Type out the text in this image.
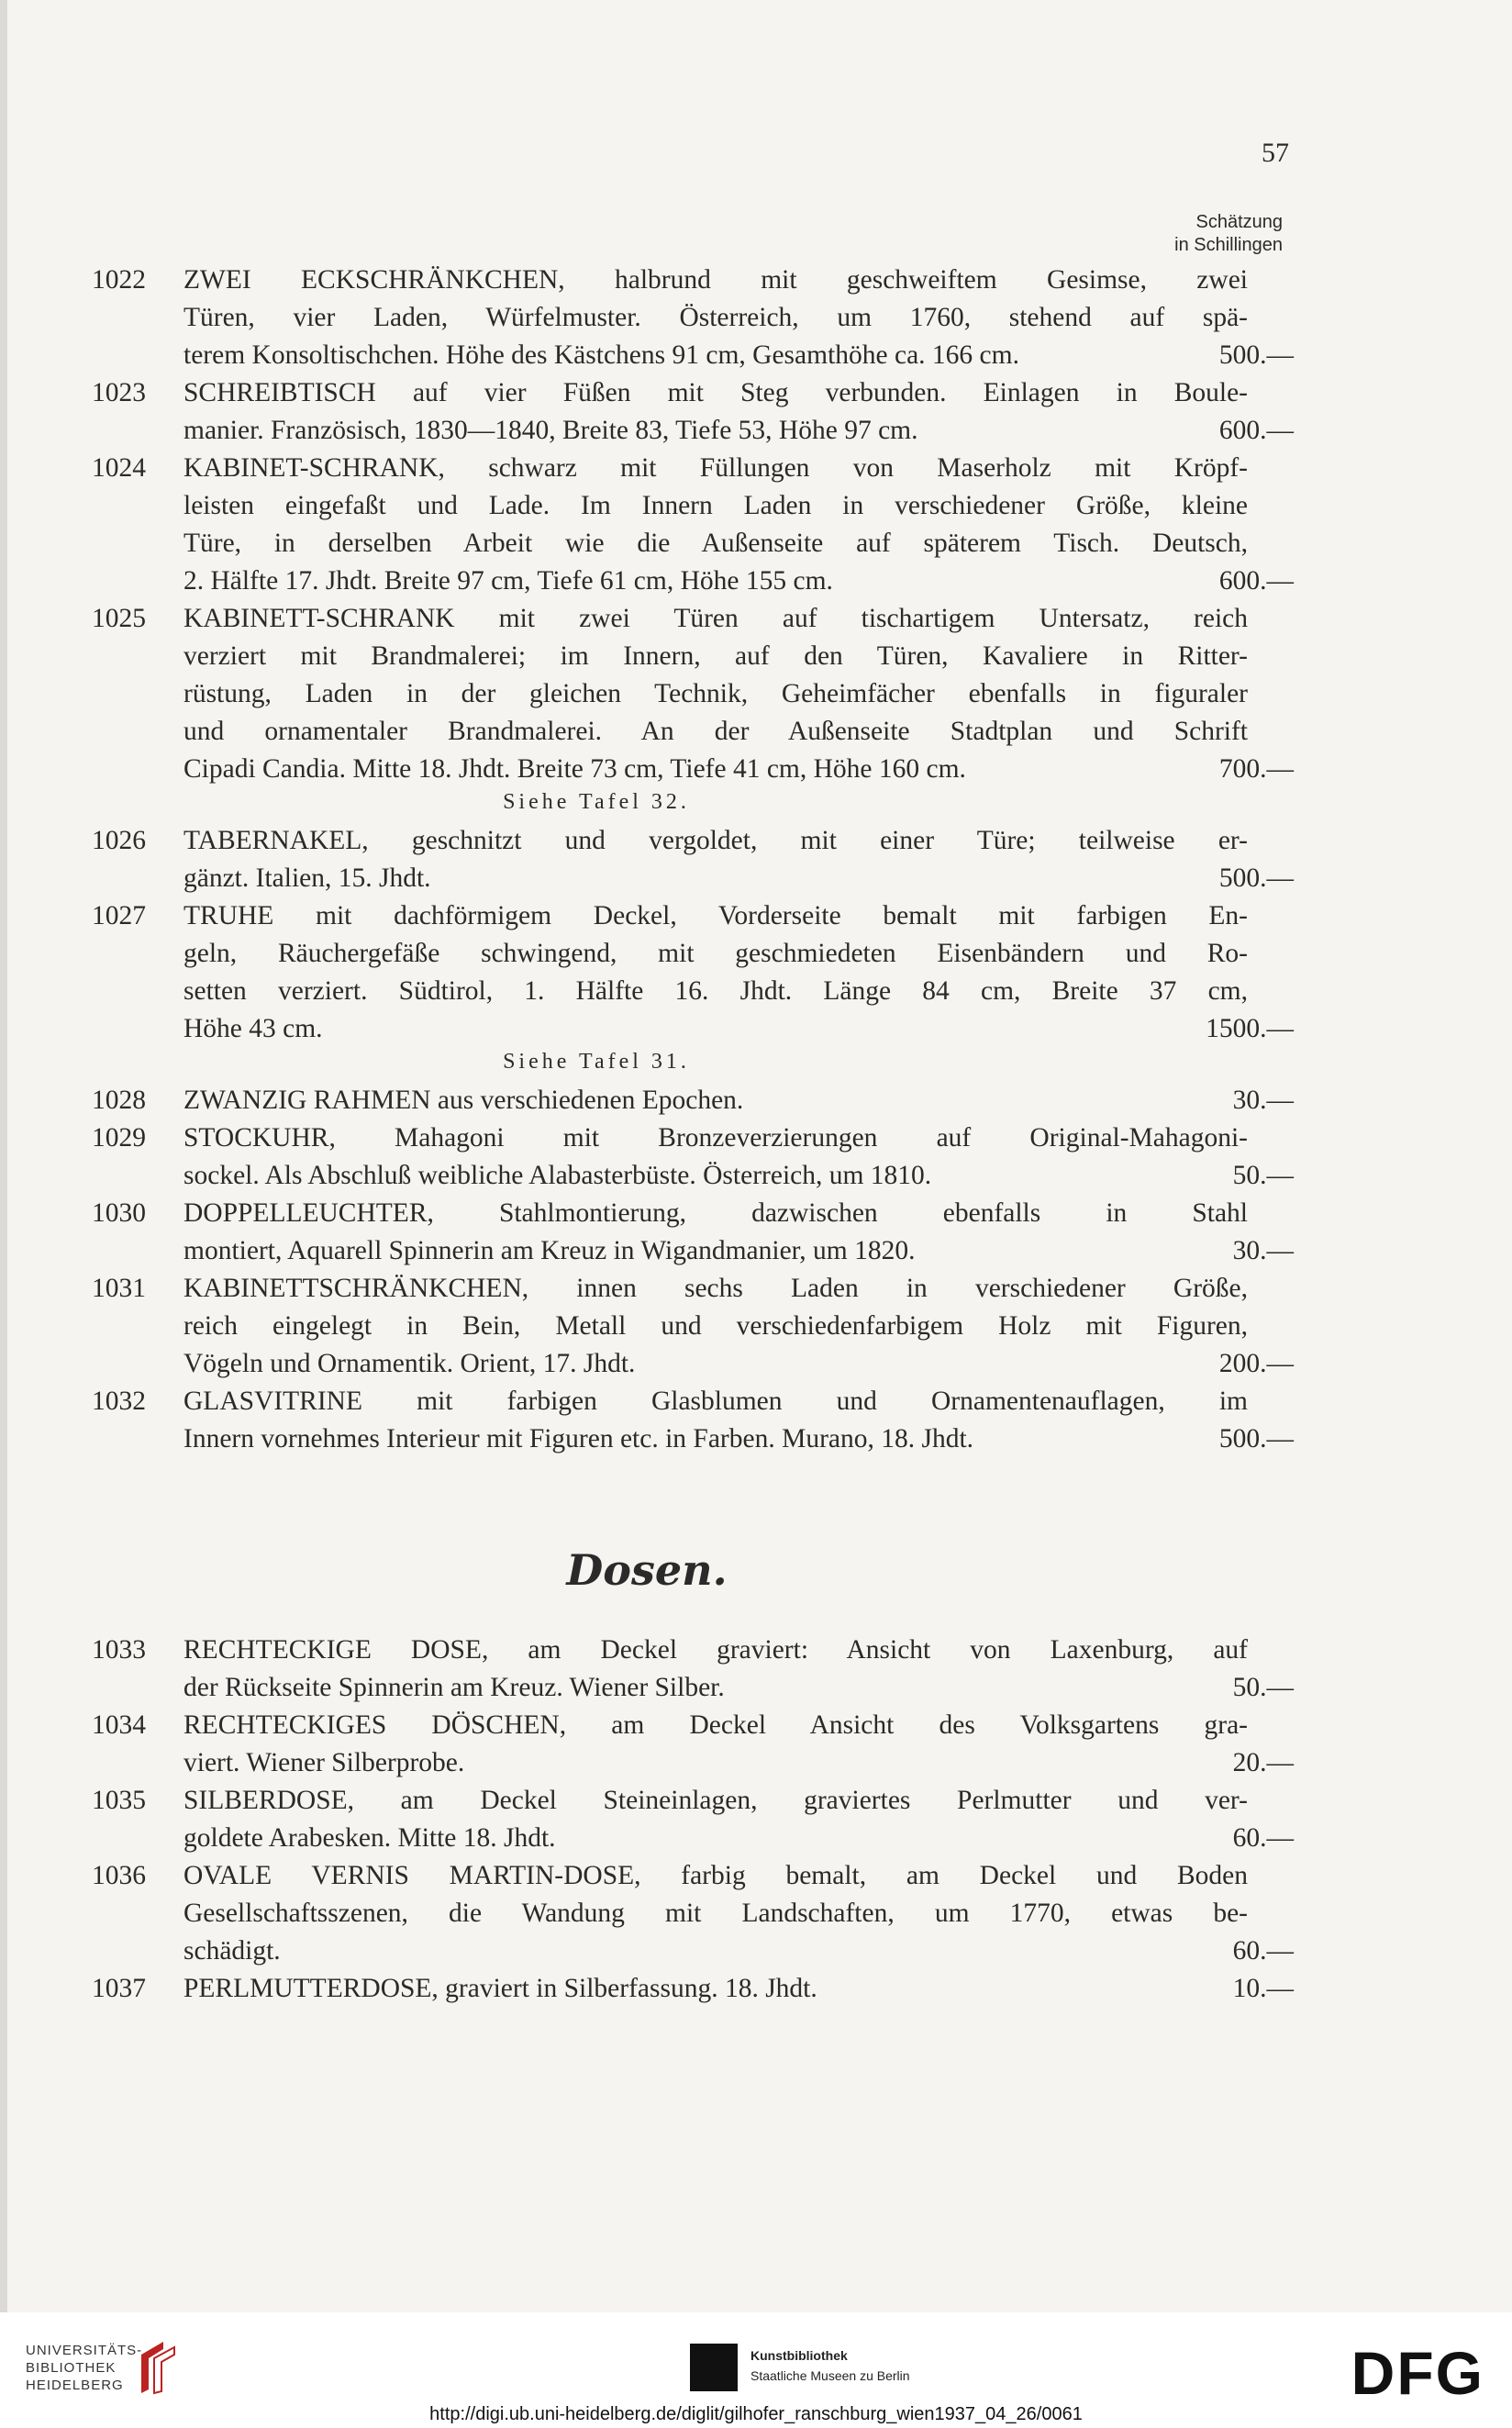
57
Schätzung
in Schillingen
1022	ZWEI ECKSCHRÄNKCHEN, halbrund mit geschweiftem Gesimse, zwei
Türen, vier Laden, Würfelmuster. Österreich, um 1760, stehend auf spä-
terem Konsoltischchen. Höhe des Kästchens 91 cm, Gesamthöhe ca. 166 cm.	500.—
1023	SCHREIBTISCH auf vier Füßen mit Steg verbunden. Einlagen in Boule-
manier. Französisch, 1830—1840, Breite 83, Tiefe 53, Höhe 97 cm.	600.—
1024	KABINET-SCHRANK, schwarz mit Füllungen von Maserholz mit Kröpf-
leisten eingefaßt und Lade. Im Innern Laden in verschiedener Größe, kleine
Türe, in derselben Arbeit wie die Außenseite auf späterem Tisch. Deutsch,
2. Hälfte 17. Jhdt. Breite 97 cm, Tiefe 61 cm, Höhe 155 cm.	600.—
1025	KABINETT-SCHRANK mit zwei Türen auf tischartigem Untersatz, reich
verziert mit Brandmalerei; im Innern, auf den Türen, Kavaliere in Ritter-
rüstung, Laden in der gleichen Technik, Geheimfächer ebenfalls in figuraler
und ornamentaler Brandmalerei. An der Außenseite Stadtplan und Schrift
Cipadi Candia. Mitte 18. Jhdt. Breite 73 cm, Tiefe 41 cm, Höhe 160 cm.	700.—
Siehe Tafel 32.
1026	TABERNAKEL, geschnitzt und vergoldet, mit einer Türe; teilweise er-
gänzt. Italien, 15. Jhdt.	500.—
1027	TRUHE mit dachförmigem Deckel, Vorderseite bemalt mit farbigen En-
geln, Räuchergefäße schwingend, mit geschmiedeten Eisenbändern und Ro-
setten verziert. Südtirol, 1. Hälfte 16. Jhdt. Länge 84 cm, Breite 37 cm,
Höhe 43 cm.	1500.—
Siehe Tafel 31.
1028	ZWANZIG RAHMEN aus verschiedenen Epochen.	30.—
1029	STOCKUHR, Mahagoni mit Bronzeverzierungen auf Original-Mahagoni-
sockel. Als Abschluß weibliche Alabasterbüste. Österreich, um 1810.	50.—
1030	DOPPELLEUCHTER, Stahlmontierung, dazwischen ebenfalls in Stahl
montiert, Aquarell Spinnerin am Kreuz in Wigandmanier, um 1820.	30.—
1031	KABINETTSCHRÄNKCHEN, innen sechs Laden in verschiedener Größe,
reich eingelegt in Bein, Metall und verschiedenfarbigem Holz mit Figuren,
Vögeln und Ornamentik. Orient, 17. Jhdt.	200.—
1032	GLASVITRINE mit farbigen Glasblumen und Ornamentenauflagen, im
Innern vornehmes Interieur mit Figuren etc. in Farben. Murano, 18. Jhdt.	500.—
Dosen.
1033	RECHTECKIGE DOSE, am Deckel graviert: Ansicht von Laxenburg, auf
der Rückseite Spinnerin am Kreuz. Wiener Silber.	50.—
1034	RECHTECKIGES DÖSCHEN, am Deckel Ansicht des Volksgartens gra-
viert. Wiener Silberprobe.	20.—
1035	SILBERDOSE, am Deckel Steineinlagen, graviertes Perlmutter und ver-
goldete Arabesken. Mitte 18. Jhdt.	60.—
1036	OVALE VERNIS MARTIN-DOSE, farbig bemalt, am Deckel und Boden
Gesellschaftsszenen, die Wandung mit Landschaften, um 1770, etwas be-
schädigt.	60.—
1037	PERLMUTTERDOSE, graviert in Silberfassung. 18. Jhdt.	10.—
UNIVERSITÄTS-
BIBLIOTHEK
HEIDELBERG
Kunstbibliothek
Staatliche Museen zu Berlin	DFG
http://digi.ub.uni-heidelberg.de/diglit/gilhofer_ranschburg_wien1937_04_26/0061
